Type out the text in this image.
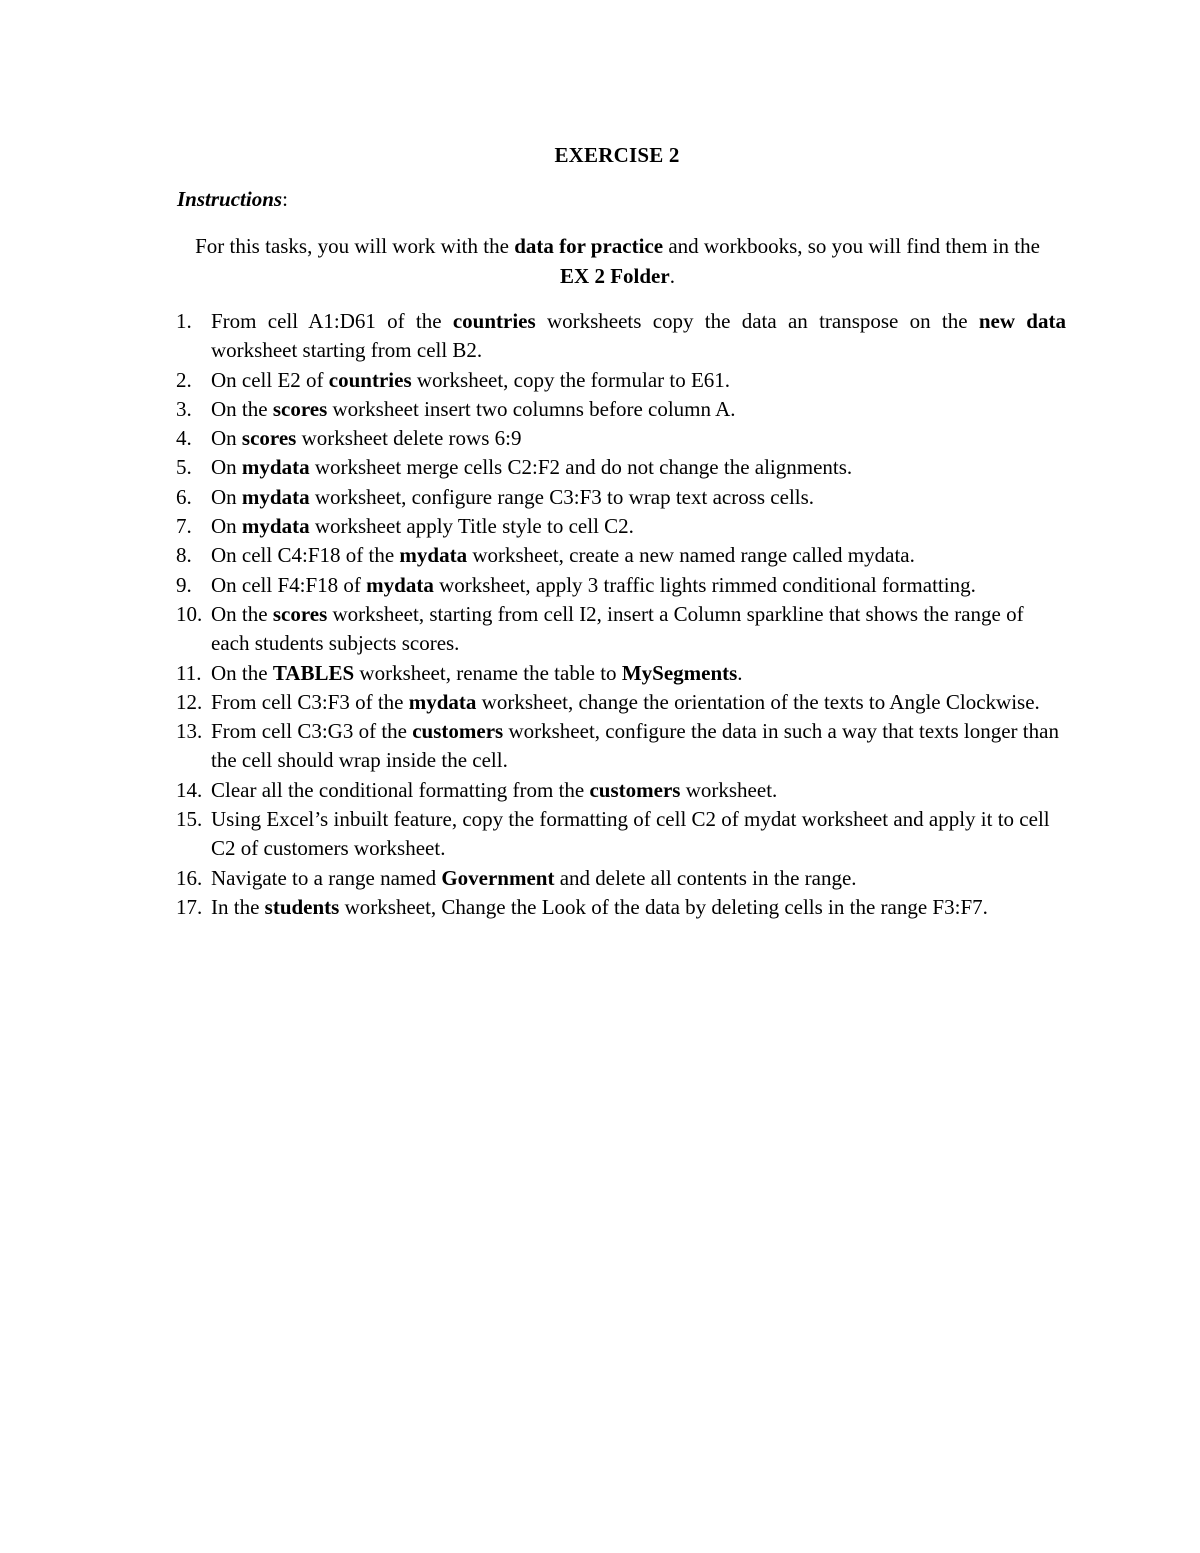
EXERCISE 2
Instructions:
For this tasks, you will work with the data for practice and workbooks, so you will find them in the EX 2 Folder.
1. From cell A1:D61 of the countries worksheets copy the data an transpose on the new data worksheet starting from cell B2.
2. On cell E2 of countries worksheet, copy the formular to E61.
3. On the scores worksheet insert two columns before column A.
4. On scores worksheet delete rows 6:9
5. On mydata worksheet merge cells C2:F2 and do not change the alignments.
6. On mydata worksheet, configure range C3:F3 to wrap text across cells.
7. On mydata worksheet apply Title style to cell C2.
8. On cell C4:F18 of the mydata worksheet, create a new named range called mydata.
9. On cell F4:F18 of mydata worksheet, apply 3 traffic lights rimmed conditional formatting.
10. On the scores worksheet, starting from cell I2, insert a Column sparkline that shows the range of each students subjects scores.
11. On the TABLES worksheet, rename the table to MySegments.
12. From cell C3:F3 of the mydata worksheet, change the orientation of the texts to Angle Clockwise.
13. From cell C3:G3 of the customers worksheet, configure the data in such a way that texts longer than the cell should wrap inside the cell.
14. Clear all the conditional formatting from the customers worksheet.
15. Using Excel’s inbuilt feature, copy the formatting of cell C2 of mydat worksheet and apply it to cell C2 of customers worksheet.
16. Navigate to a range named Government and delete all contents in the range.
17. In the students worksheet, Change the Look of the data by deleting cells in the range F3:F7.
